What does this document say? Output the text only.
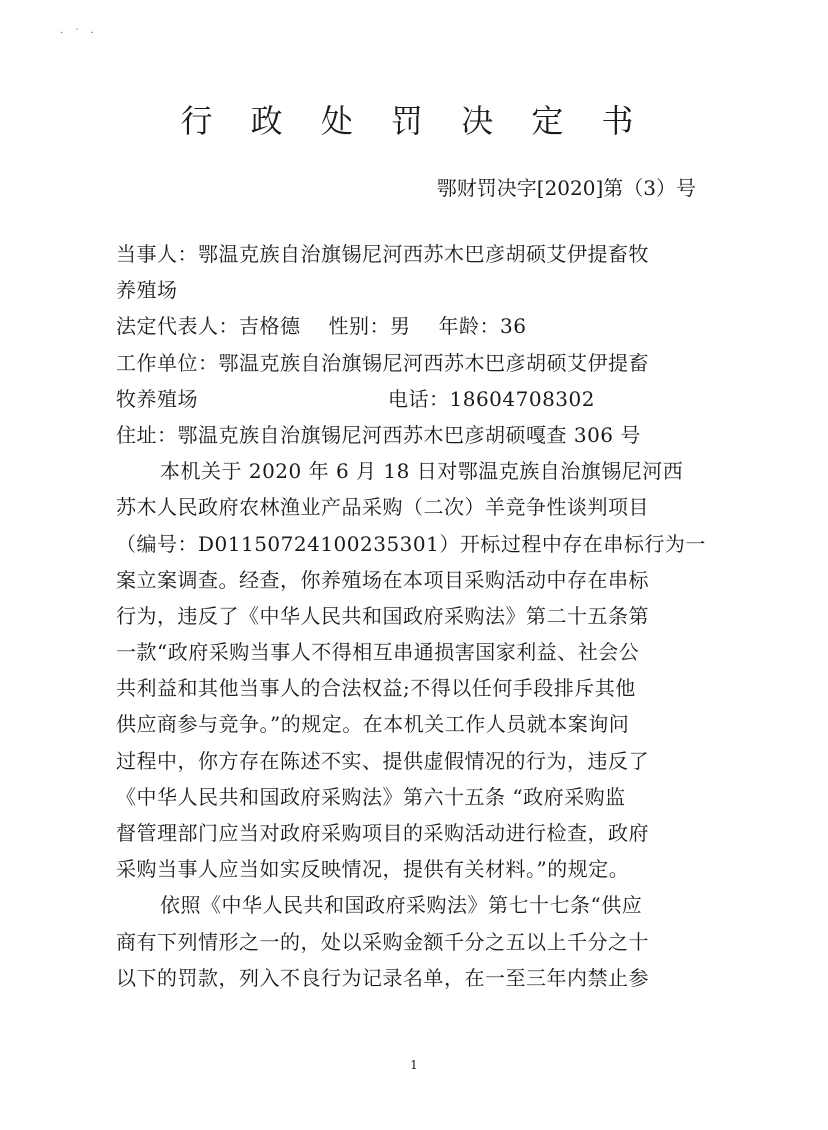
· ˙ ·
行 政 处 罚 决 定 书
鄂财罚决字[2020]第（3）号
当事人：鄂温克族自治旗锡尼河西苏木巴彦胡硕艾伊提畜牧
养殖场
法定代表人：吉格德 性别：男 年龄：36
工作单位：鄂温克族自治旗锡尼河西苏木巴彦胡硕艾伊提畜
牧养殖场	电话：18604708302
住址：鄂温克族自治旗锡尼河西苏木巴彦胡硕嘎查 306 号
本机关于 2020 年 6 月 18 日对鄂温克族自治旗锡尼河西
苏木人民政府农林渔业产品采购（二次）羊竞争性谈判项目
（编号：D01150724100235301）开标过程中存在串标行为一
案立案调查。经查，你养殖场在本项目采购活动中存在串标
行为，违反了《中华人民共和国政府采购法》第二十五条第
一款“政府采购当事人不得相互串通损害国家利益、社会公
共利益和其他当事人的合法权益;不得以任何手段排斥其他
供应商参与竞争。”的规定。在本机关工作人员就本案询问
过程中，你方存在陈述不实、提供虚假情况的行为，违反了
《中华人民共和国政府采购法》第六十五条 “政府采购监
督管理部门应当对政府采购项目的采购活动进行检查，政府
采购当事人应当如实反映情况，提供有关材料。”的规定。
依照《中华人民共和国政府采购法》第七十七条“供应
商有下列情形之一的，处以采购金额千分之五以上千分之十
以下的罚款，列入不良行为记录名单，在一至三年内禁止参
1
